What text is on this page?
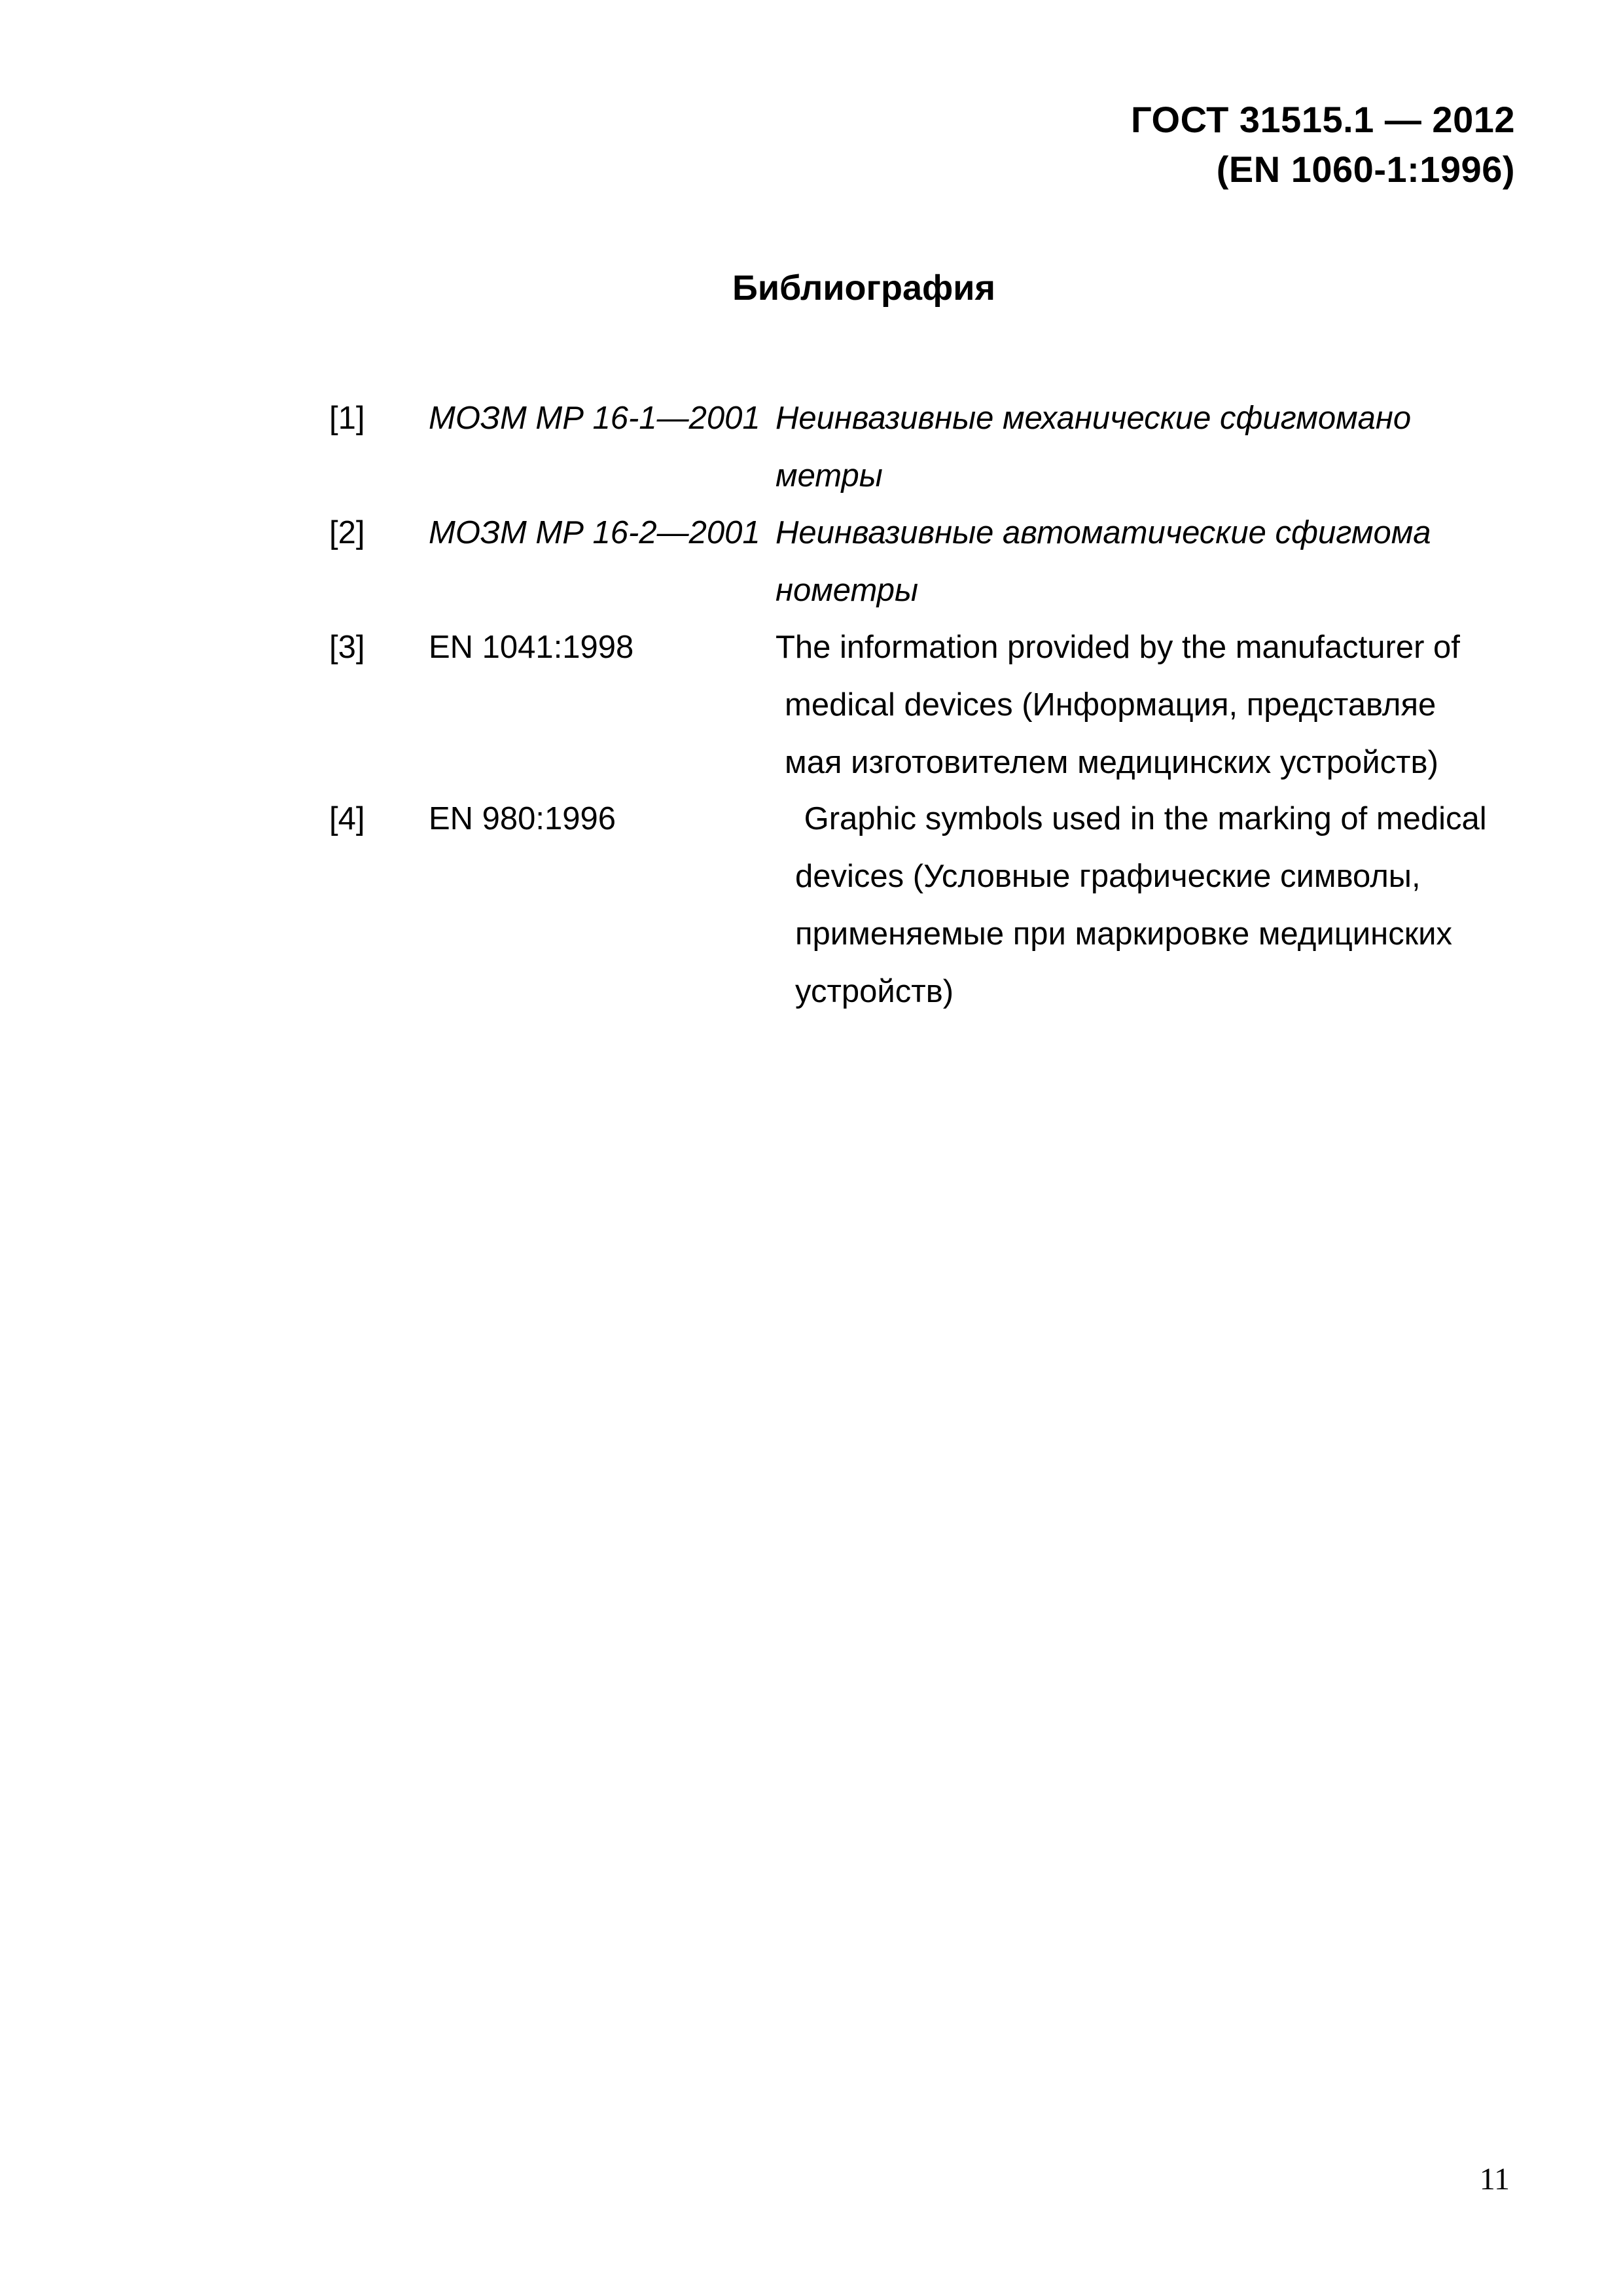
ГОСТ 31515.1 — 2012
(EN 1060-1:1996)
Библиография
[1] МОЗМ МР 16-1—2001 Неинвазивные механические сфигмомано
метры
[2] МОЗМ МР 16-2—2001 Неинвазивные автоматические сфигмома
нометры
[3] EN 1041:1998	The information provided by the manufacturer of
medical devices (Информация, представляе
мая изготовителем медицинских устройств)
[4] EN 980:1996	Graphic symbols used in the marking of medical
devices (Условные графические символы,
применяемые при маркировке медицинских
устройств)
11
